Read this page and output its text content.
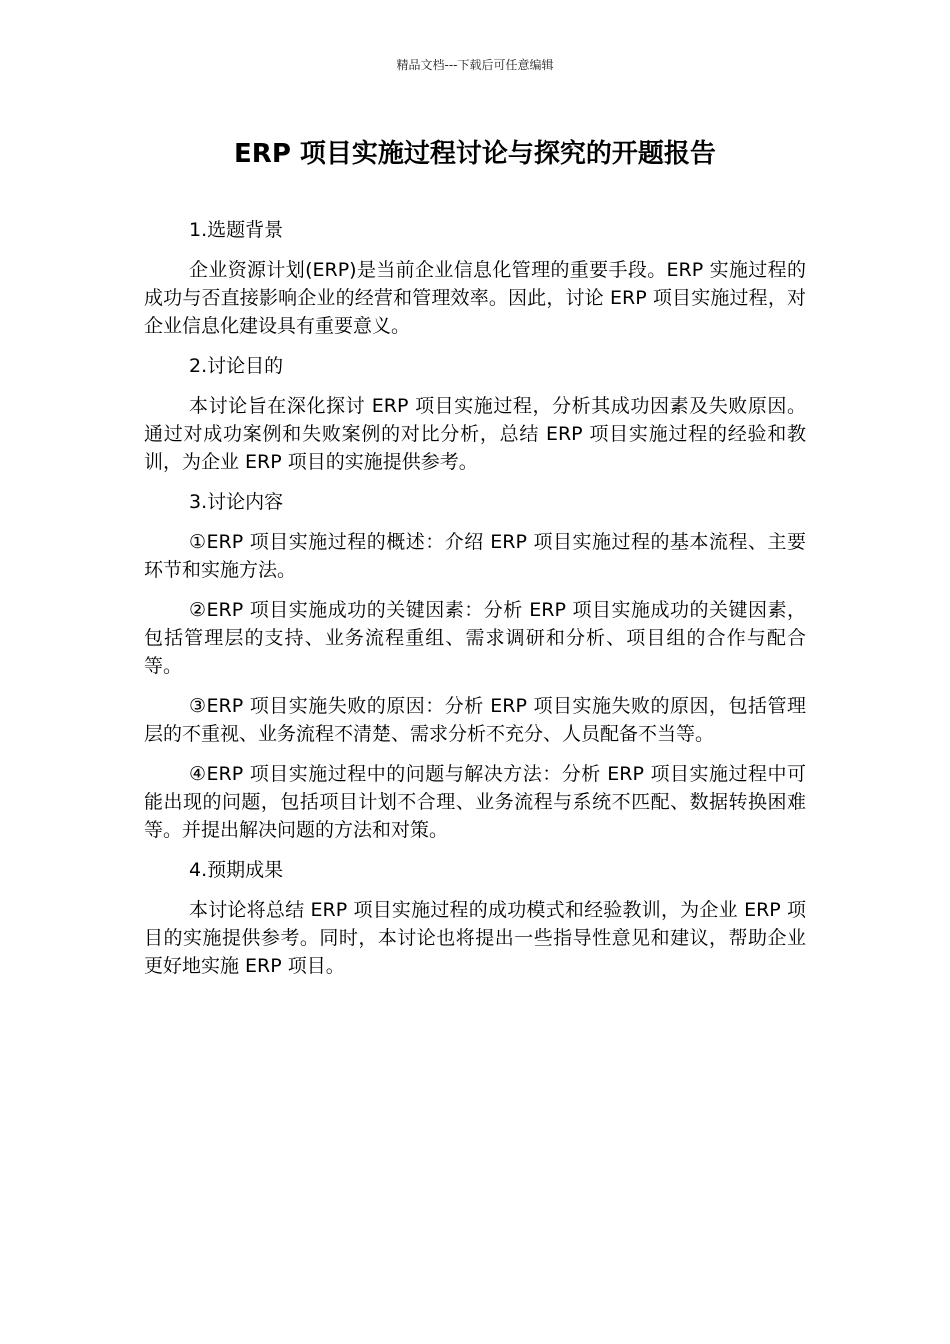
精品文档---下载后可任意编辑
ERP 项目实施过程讨论与探究的开题报告

1.选题背景

企业资源计划(ERP)是当前企业信息化管理的重要手段。ERP 实施过程的成功与否直接影响企业的经营和管理效率。因此，讨论 ERP 项目实施过程，对企业信息化建设具有重要意义。

2.讨论目的

本讨论旨在深化探讨 ERP 项目实施过程，分析其成功因素及失败原因。通过对成功案例和失败案例的对比分析，总结 ERP 项目实施过程的经验和教训，为企业 ERP 项目的实施提供参考。

3.讨论内容

①ERP 项目实施过程的概述：介绍 ERP 项目实施过程的基本流程、主要环节和实施方法。

②ERP 项目实施成功的关键因素：分析 ERP 项目实施成功的关键因素，包括管理层的支持、业务流程重组、需求调研和分析、项目组的合作与配合等。

③ERP 项目实施失败的原因：分析 ERP 项目实施失败的原因，包括管理层的不重视、业务流程不清楚、需求分析不充分、人员配备不当等。

④ERP 项目实施过程中的问题与解决方法：分析 ERP 项目实施过程中可能出现的问题，包括项目计划不合理、业务流程与系统不匹配、数据转换困难等。并提出解决问题的方法和对策。

4.预期成果

本讨论将总结 ERP 项目实施过程的成功模式和经验教训，为企业 ERP 项目的实施提供参考。同时，本讨论也将提出一些指导性意见和建议，帮助企业更好地实施 ERP 项目。
